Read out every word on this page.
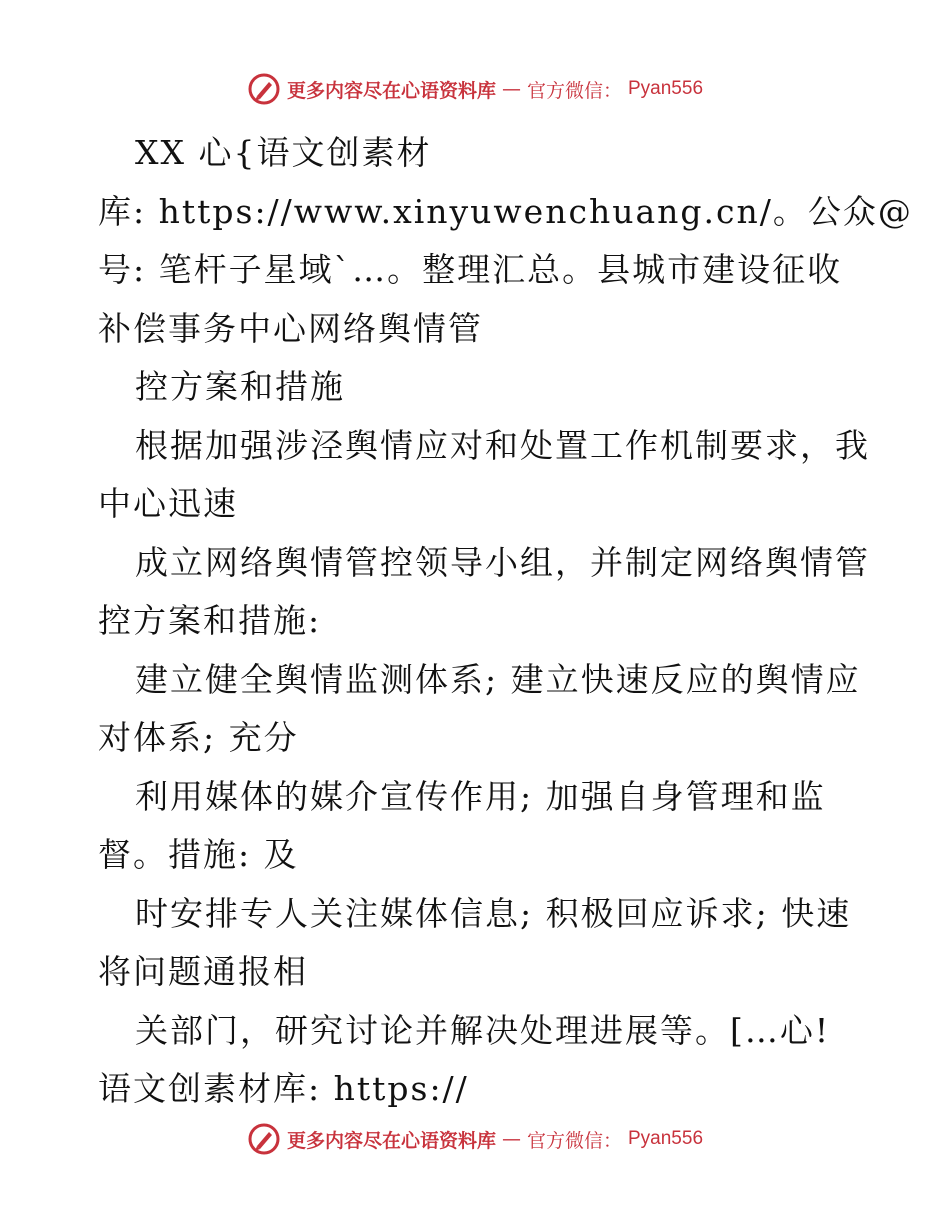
更多内容尽在心语资料库 — 官方微信： Pyan556
XX 心{语文创素材
库: https://www.xinyuwenchuang.cn/。公众@
号: 笔杆子星域`…。整理汇总。县城市建设征收
补偿事务中心网络舆情管
控方案和措施
根据加强涉泾舆情应对和处置工作机制要求，我
中心迅速
成立网络舆情管控领导小组，并制定网络舆情管
控方案和措施:
建立健全舆情监测体系; 建立快速反应的舆情应
对体系; 充分
利用媒体的媒介宣传作用; 加强自身管理和监
督。措施: 及
时安排专人关注媒体信息; 积极回应诉求; 快速
将问题通报相
关部门，研究讨论并解决处理进展等。[…心!
语文创素材库: https://
更多内容尽在心语资料库 — 官方微信： Pyan556
